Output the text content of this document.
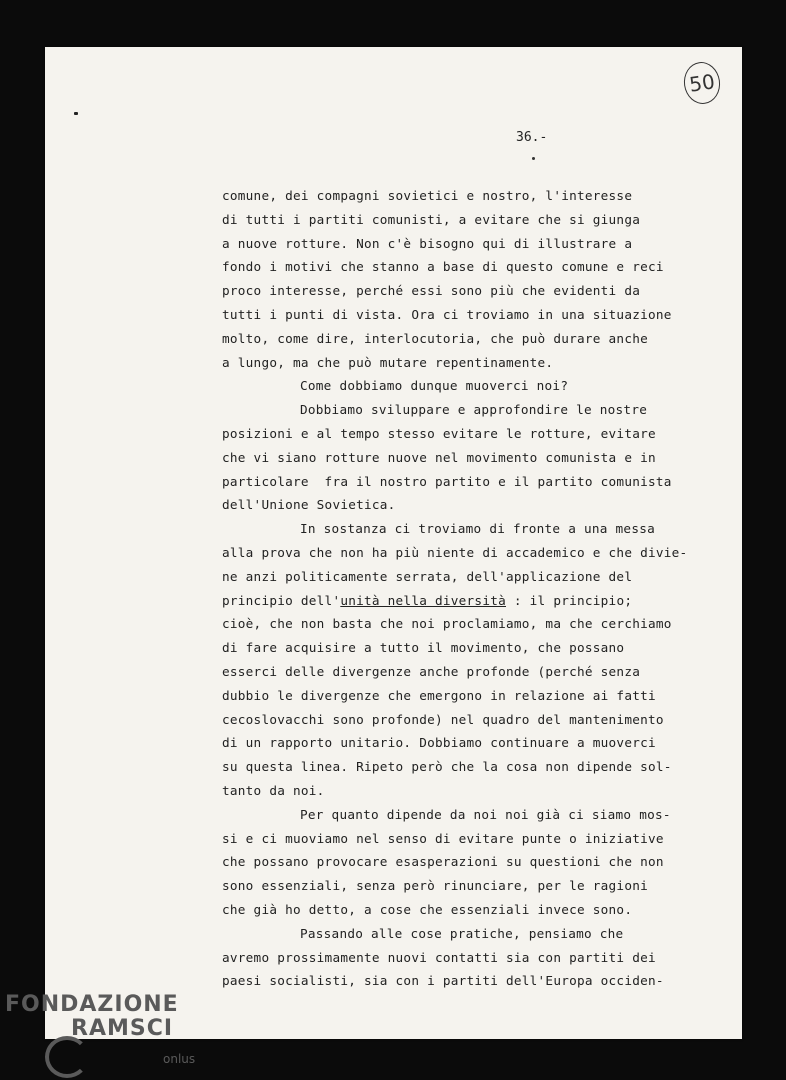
50
36.-
comune, dei compagni sovietici e nostro, l'interesse
di tutti i partiti comunisti, a evitare che si giunga
a nuove rotture. Non c'è bisogno qui di illustrare a
fondo i motivi che stanno a base di questo comune e reci
proco interesse, perché essi sono più che evidenti da
tutti i punti di vista. Ora ci troviamo in una situazione
molto, come dire, interlocutoria, che può durare anche
a lungo, ma che può mutare repentinamente.
Come dobbiamo dunque muoverci noi?
Dobbiamo sviluppare e approfondire le nostre
posizioni e al tempo stesso evitare le rotture, evitare
che vi siano rotture nuove nel movimento comunista e in
particolare  fra il nostro partito e il partito comunista
dell'Unione Sovietica.
In sostanza ci troviamo di fronte a una messa
alla prova che non ha più niente di accademico e che divie-
ne anzi politicamente serrata, dell'applicazione del
principio dell'unità nella diversità : il principio;
cioè, che non basta che noi proclamiamo, ma che cerchiamo
di fare acquisire a tutto il movimento, che possano
esserci delle divergenze anche profonde (perché senza
dubbio le divergenze che emergono in relazione ai fatti
cecoslovacchi sono profonde) nel quadro del mantenimento
di un rapporto unitario. Dobbiamo continuare a muoverci
su questa linea. Ripeto però che la cosa non dipende sol-
tanto da noi.
Per quanto dipende da noi noi già ci siamo mos-
si e ci muoviamo nel senso di evitare punte o iniziative
che possano provocare esasperazioni su questioni che non
sono essenziali, senza però rinunciare, per le ragioni
che già ho detto, a cose che essenziali invece sono.
Passando alle cose pratiche, pensiamo che
avremo prossimamente nuovi contatti sia con partiti dei
paesi socialisti, sia con i partiti dell'Europa occiden-
FONDAZIONE
RAMSCI
onlus
